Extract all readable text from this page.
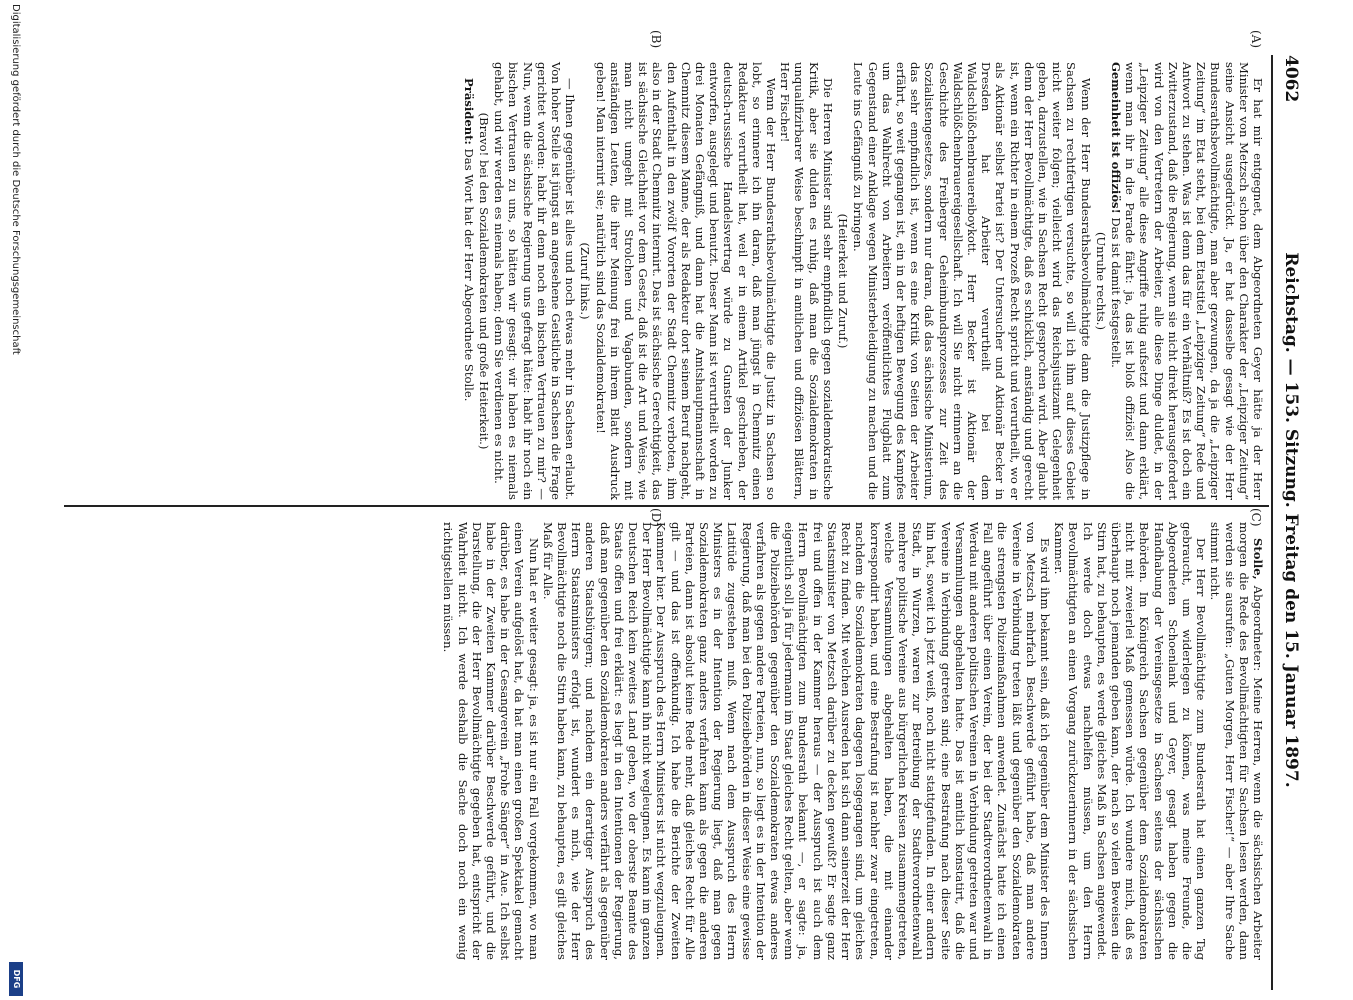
4062
Reichstag. — 153. Sitzung. Freitag den 15. Januar 1897.
(A)
(B)
(C)
(D)

Er hat mir entgegnet, dem Abgeordneten Geyer hätte ja der Herr Minister von Metzsch schon über den Charakter der „Leipziger Zeitung“ seine Ansicht ausgedrückt. Ja, er hat dasselbe gesagt wie der Herr Bundesrathsbevollmächtigte, man aber gezwungen, da ja die „Leipziger Zeitung“ im Etat steht, bei dem Etatstitel „Leipziger Zeitung“ Rede und Antwort zu stehen. Was ist denn das für ein Verhältniß? Es ist doch ein Zwitterzustand, daß die Regierung, wenn sie nicht direkt herausgefordert wird von den Vertretern der Arbeiter, alle diese Dinge duldet, in der „Leipziger Zeitung“ alle diese Angriffe ruhig aufsetzt und dann erklärt, wenn man ihr in die Parade fährt: ja, das ist bloß offiziös! Also die Gemeinheit ist offiziös! Das ist damit festgestellt.

(Unruhe rechts.)

Wenn der Herr Bundesrathsbevollmächtigte dann die Justizpflege in Sachsen zu rechtfertigen versuchte, so will ich ihm auf dieses Gebiet nicht weiter folgen; vielleicht wird das Reichsjustizamt Gelegenheit geben, darzustellen, wie in Sachsen Recht gesprochen wird. Aber glaubt denn der Herr Bevollmächtigte, daß es schicklich, anständig und gerecht ist, wenn ein Richter in einem Prozeß Recht spricht und verurtheilt, wo er als Aktionär selbst Partei ist? Der Untersucher und Aktionär Becker in Dresden hat Arbeiter verurtheilt bei dem Waldschlößchenbrauereiboykott. Herr Becker ist Aktionär der Waldschlößchenbrauereigesellschaft. Ich will Sie nicht erinnern an die Geschichte des Freiberger Geheimbundsprozesses zur Zeit des Sozialistengesetzes, sondern nur daran, daß das sächsische Ministerium, das sehr empfindlich ist, wenn es eine Kritik von Seiten der Arbeiter erfährt, so weit gegangen ist, ein in der heftigen Bewegung des Kampfes um das Wahlrecht von Arbeitern veröffentlichtes Flugblatt zum Gegenstand einer Anklage wegen Ministerbeleidigung zu machen und die Leute ins Gefängniß zu bringen.

(Heiterkeit und Zuruf.)

Die Herren Minister sind sehr empfindlich gegen sozialdemokratische Kritik, aber sie dulden es ruhig, daß man die Sozialdemokraten in unqualifizirbarer Weise beschimpft in amtlichen und offiziösen Blättern, Herr Fischer!

Wenn der Herr Bundesrathsbevollmächtigte die Justiz in Sachsen so lobt, so erinnere ich ihn daran, daß man jüngst in Chemnitz einen Redakteur verurtheilt hat, weil er in einem Artikel geschrieben, der deutsch-russische Handelsvertrag würde zu Gunsten der Junker entworfen, ausgelegt und benutzt. Dieser Mann ist verurtheilt worden zu drei Monaten Gefängniß, und dann hat die Amtshauptmannschaft in Chemnitz diesem Manne, der als Redakteur dort seinem Beruf nachgeht, den Aufenthalt in den zwölf Vororten der Stadt Chemnitz verboten, ihm also in der Stadt Chemnitz internirt. Das ist sächsische Gerechtigkeit, das ist sächsische Gleichheit vor dem Gesetz, daß ist die Art und Weise, wie man nicht umgeht mit Strolchen und Vagabunden, sondern mit anständigen Leuten, die ihrer Meinung frei in ihrem Blatt Ausdruck geben! Man internirt sie; natürlich sind das Sozialdemokraten!

(Zuruf links.)

— Ihnen gegenüber ist alles und noch etwas mehr in Sachsen erlaubt. Von hoher Stelle ist jüngst an angesehene Geistliche in Sachsen die Frage gerichtet worden: habt ihr denn noch ein bischen Vertrauen zu mir? — Nun, wenn die sächsische Regierung uns gefragt hätte: habt ihr noch ein bischen Vertrauen zu uns, so hätten wir gesagt: wir haben es niemals gehabt, und wir werden es niemals haben; denn Sie verdienen es nicht.

(Bravo! bei den Sozialdemokraten und große Heiterkeit.)

Präsident: Das Wort hat der Herr Abgeordnete Stolle.

Stolle, Abgeordneter: Meine Herren, wenn die sächsischen Arbeiter morgen die Rede des Bevollmächtigten für Sachsen lesen werden, dann werden sie ausrufen: „Guten Morgen, Herr Fischer!“ — aber Ihre Sache stimmt nicht.

Der Herr Bevollmächtigte zum Bundesrath hat einen ganzen Tag gebraucht, um widerlegen zu können, was meine Freunde, die Abgeordneten Schoenlank und Geyer, gesagt haben gegen die Handhabung der Vereinsgesetze in Sachsen seitens der sächsischen Behörden. Im Königreich Sachsen gegenüber dem Sozialdemokraten nicht mit zweierlei Maß gemessen würde. Ich wundere mich, daß es überhaupt noch jemanden geben kann, der nach so vielen Beweisen die Stirn hat, zu behaupten, es werde gleiches Maß in Sachsen angewendet. Ich werde doch etwas nachhelfen müssen, um den Herrn Bevollmächtigten an einen Vorgang zurückzuerinnern in der sächsischen Kammer.

Es wird ihm bekannt sein, daß ich gegenüber dem Minister des Innern von Metzsch mehrfach Beschwerde geführt habe, daß man andere Vereine in Verbindung treten läßt und gegenüber den Sozialdemokraten die strengsten Polizeimaßnahmen anwendet. Zunächst hatte ich einen Fall angeführt über einen Verein, der bei der Stadtverordnetenwahl in Werdau mit anderen politischen Vereinen in Verbindung getreten war und Versammlungen abgehalten hatte. Das ist amtlich konstatirt, daß die Vereine in Verbindung getreten sind; eine Bestrafung nach dieser Seite hin hat, soweit ich jetzt weiß, noch nicht stattgefunden. In einer andern Stadt, in Wurzen, waren zur Betreibung der Stadtverordnetenwahl mehrere politische Vereine aus bürgerlichen Kreisen zusammengetreten, welche Versammlungen abgehalten haben, die mit einander korrespondirt haben, und eine Bestrafung ist nachher zwar eingetreten, nachdem die Sozialdemokraten dagegen losgegangen sind, um gleiches Recht zu finden. Mit welchen Ausreden hat sich dann seinerzeit der Herr Staatsminister von Metzsch darüber zu decken gewußt? Er sagte ganz frei und offen in der Kammer heraus — der Ausspruch ist auch dem Herrn Bevollmächtigten zum Bundesrath bekannt —, er sagte: ja, eigentlich soll ja für jedermann im Staat gleiches Recht gelten, aber wenn die Polizeibehörden gegenüber den Sozialdemokraten etwas anderes verfahren als gegen andere Parteien, nun, so liegt es in der Intention der Regierung, daß man bei den Polizeibehörden in dieser Weise eine gewisse Latitüde zugestehen muß. Wenn nach dem Ausspruch des Herrn Ministers es in der Intention der Regierung liegt, daß man gegen Sozialdemokraten ganz anders verfahren kann als gegen die anderen Parteien, dann ist absolut keine Rede mehr, daß gleiches Recht für Alle gilt — und das ist offenkundig. Ich habe die Berichte der Zweiten Kammer hier. Der Ausspruch des Herrn Ministers ist nicht wegzuleugnen. Der Herr Bevollmächtigte kann ihn nicht wegleugnen. Es kann im ganzen Deutschen Reich kein zweites Land geben, wo der oberste Beamte des Staats offen und frei erklärt: es liegt in den Intentionen der Regierung, daß man gegenüber den Sozialdemokraten anders verfährt als gegenüber anderen Staatsbürgern; und nachdem ein derartiger Ausspruch des Herrn Staatsministers erfolgt ist, wundert es mich, wie der Herr Bevollmächtigte noch die Stirn haben kann, zu behaupten, es gilt gleiches Maß für Alle.

Nun hat er weiter gesagt: ja, es ist nur ein Fall vorgekommen, wo man einen Verein aufgelöst hat, da hat man einen großen Spektakel gemacht darüber, es habe in der Gesangverein „Frohe Sänger“ in Aue. Ich selbst habe in der Zweiten Kammer darüber Beschwerde geführt, und die Darstellung, die der Herr Bevollmächtigte gegeben hat, entspricht der Wahrheit nicht. Ich werde deshalb die Sache doch noch ein wenig richtigstellen müssen.

Digitalisierung gefördert durch die Deutsche Forschungsgemeinschaft
DFG
